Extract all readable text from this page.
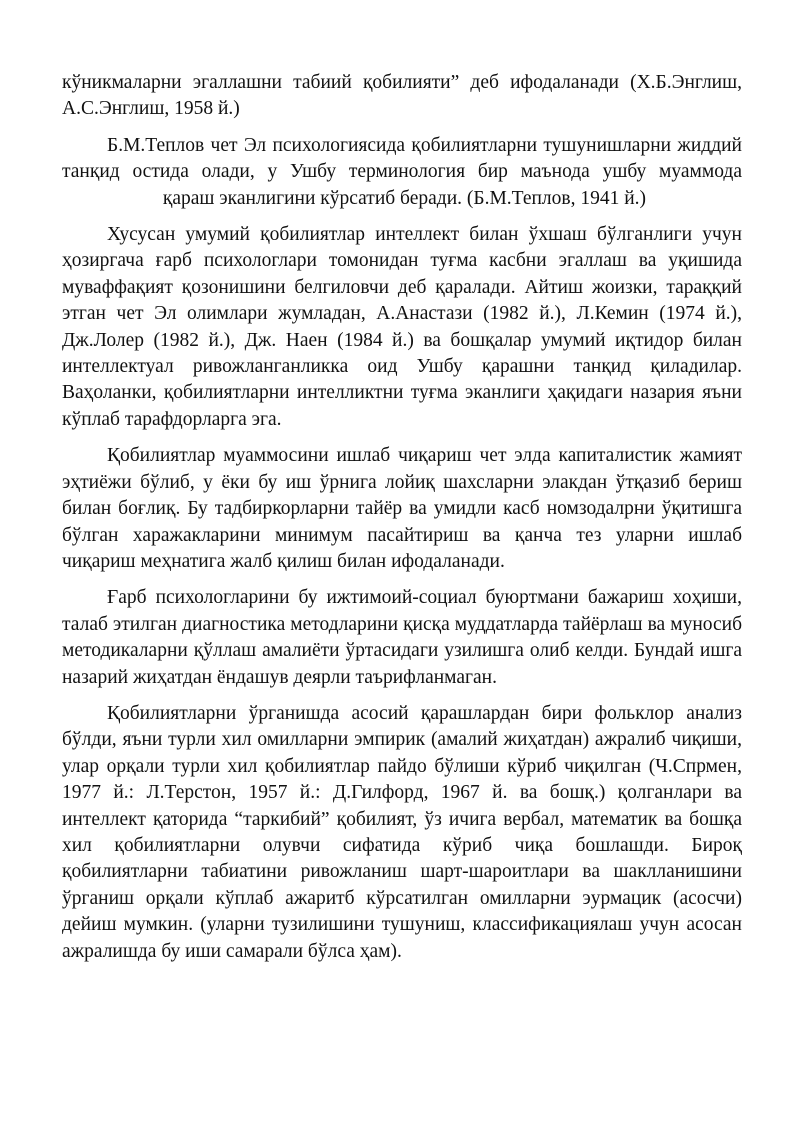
кўникмаларни эгаллашни табиий қобилияти” деб ифодаланади (Х.Б.Энглиш, А.С.Энглиш, 1958 й.)

Б.М.Теплов чет Эл психологиясида қобилиятларни тушунишларни жиддий танқид остида олади, у Ушбу терминология бир маънода ушбу муаммода  қараш эканлигини кўрсатиб беради. (Б.М.Теплов, 1941 й.)

Хусусан умумий қобилиятлар интеллект билан ўхшаш бўлганлиги учун ҳозиргача ғарб психологлари томонидан туғма касбни эгаллаш ва уқишида муваффақият қозонишини белгиловчи деб қаралади. Айтиш жоизки, тараққий этган чет Эл олимлари жумладан, А.Анастази (1982 й.), Л.Кемин (1974 й.), Дж.Лолер (1982 й.), Дж. Наен (1984 й.) ва бошқалар умумий иқтидор билан интеллектуал ривожланганликка оид Ушбу қарашни танқид қиладилар. Ваҳоланки, қобилиятларни интелликтни туғма эканлиги ҳақидаги назария яъни кўплаб тарафдорларга эга.

Қобилиятлар муаммосини ишлаб чиқариш чет элда капиталистик жамият эҳтиёжи бўлиб, у ёки бу иш ўрнига лойиқ шахсларни элакдан ўтқазиб бериш билан боғлиқ. Бу тадбиркорларни тайёр ва умидли касб номзодалрни ўқитишга бўлган харажакларини минимум пасайтириш ва қанча тез уларни ишлаб чиқариш меҳнатига жалб қилиш билан ифодаланади.

Ғарб психологларини бу ижтимоий-социал буюртмани бажариш хоҳиши, талаб этилган диагностика методларини қисқа муддатларда тайёрлаш ва муносиб методикаларни қўллаш амалиёти ўртасидаги узилишга олиб келди. Бундай ишга назарий жиҳатдан ёндашув деярли таърифланмаган.

Қобилиятларни ўрганишда асосий қарашлардан бири фольклор анализ бўлди, яъни турли хил омилларни эмпирик (амалий жиҳатдан) ажралиб чиқиши, улар орқали турли хил қобилиятлар пайдо бўлиши кўриб чиқилган (Ч.Спрмен, 1977 й.: Л.Терстон, 1957 й.: Д.Гилфорд, 1967 й. ва бошқ.) қолганлари ва интеллект қаторида “таркибий” қобилият, ўз ичига вербал, математик ва бошқа хил қобилиятларни олувчи сифатида кўриб чиқа бошлашди. Бироқ қобилиятларни табиатини ривожланиш шарт-шароитлари ва шаклланишини ўрганиш орқали кўплаб ажаритб кўрсатилган омилларни эурмацик (асосчи) дейиш мумкин. (уларни тузилишини тушуниш, классификациялаш учун асосан ажралишда бу иши самарали бўлса ҳам).
